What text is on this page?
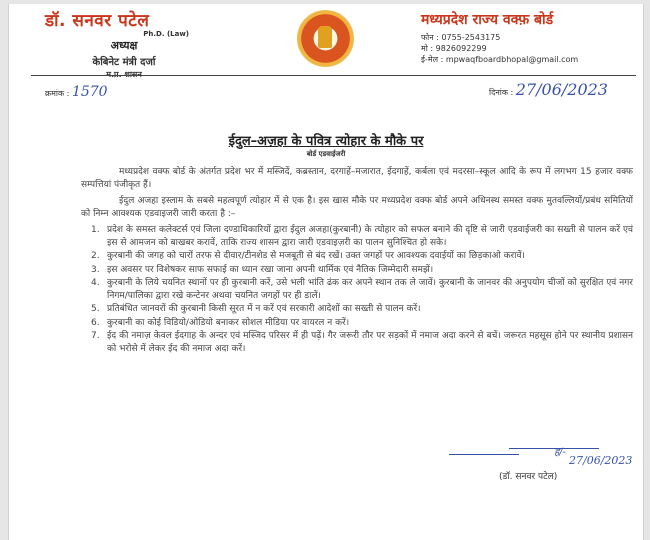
डॉ. सनवर पटेल
Ph.D. (Law)
अध्यक्ष
केबिनेट मंत्री दर्जा
मध्यप्रदेश राज्य वक्फ़ बोर्ड
फोन : 0755-2543175
मो : 9826092299
ई-मेल : mpwaqfboardbhopal@gmail.com
क्रमांक : 1570	दिनांक : 27/06/2023
ईदुल–अज़हा के पवित्र त्योहार के मौके पर
बोर्ड एडवाईजरी

मध्यप्रदेश वक्फ बोर्ड के अंतर्गत प्रदेश भर में मस्जिदें, कब्रस्तान, दरगाहें–मजारात, ईदगाहें, कर्बला एवं मदरसा–स्कूल आदि के रूप में लगभग 15 हजार वक्फ सम्पत्तियां पंजीकृत हैं।

ईदुल अजहा इस्लाम के सबसे महत्वपूर्ण त्योहार में से एक है। इस खास मौके पर मध्यप्रदेश वक्फ बोर्ड अपने अधिनस्थ समस्त वक्फ मुतवल्लियों/प्रबंध समितियों को निम्न आवश्यक एडवाइजरी जारी करता है :–

1. प्रदेश के समस्त कलेक्टर्स एवं जिला दण्डाधिकारियों द्वारा ईदुल अजहा(कुरबानी) के त्योहार को सफल बनाने की दृष्टि से जारी एडवाईजरी का सख्ती से पालन करें एवं इस से आमजन को बाखबर करावें, ताकि राज्य शासन द्वारा जारी एडवाइज़री का पालन सुनिश्चित हो सके।
2. कुरबानी की जगह को चारों तरफ से दीवार/टीनशेड से मजबूती से बंद रखें। उक्त जगहों पर आवश्यक दवाईयों का छिड़काओ करावें।
3. इस अवसर पर विशेषकर साफ सफाई का ध्यान रखा जाना अपनी धार्मिक एवं नैतिक जिम्मेदारी समझें।
4. कुरबानी के लिये चयनित स्थानों पर ही कुरबानी करें, उसे भली भांति ढंक कर अपने स्थान तक ले जावें। कुरबानी के जानवर की अनुपयोग चीजों को सुरक्षित एवं नगर निगम/पालिका द्वारा रखे कन्टेनर अथवा चयनित जगहों पर ही डालें।
5. प्रतिबंधित जानवरों की कुरबानी किसी सूरत में न करें एवं सरकारी आदेशों का सख्ती से पालन करें।
6. कुरबानी का कोई विडियो/ओडियो बनाकर सोशल मीडिया पर वायरल न करें।
7. ईद की नमाज़ केवल ईदगाह के अन्दर एवं मस्जिद परिसर में ही पढ़ें। गैर जरूरी तौर पर सड़कों में नमाज अदा करने से बचें। जरूरत महसूस होने पर स्थानीय प्रशासन को भरोसे में लेकर ईद की नमाज अदा करें।
ह/-
27/06/2023
(डॉ. सनवर पटेल)
